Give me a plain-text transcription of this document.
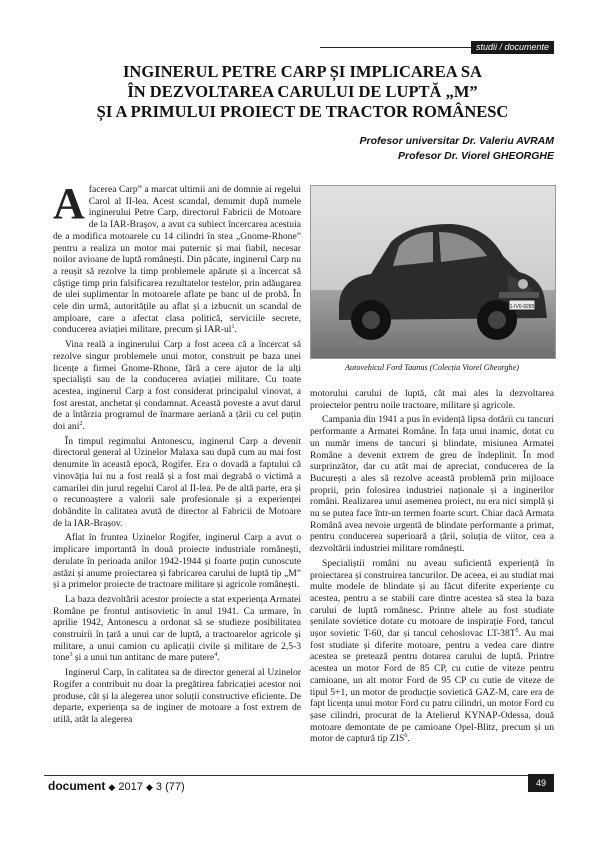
studii / documente
INGINERUL PETRE CARP ȘI IMPLICAREA SA
ÎN DEZVOLTAREA CARULUI DE LUPTĂ „M”
ȘI A PRIMULUI PROIECT DE TRACTOR ROMÂNESC
Profesor universitar Dr. Valeriu AVRAM
Profesor Dr. Viorel GHEORGHE

Afacerea Carp” a marcat ultimii ani de domnie ai regelui Carol al II-lea. Acest scandal, denumit după numele inginerului Petre Carp, directorul Fabricii de Motoare de la IAR-Brașov, a avut ca subiect încercarea acestuia de a modifica motoarele cu 14 cilindri în stea „Gnome-Rhone” pentru a realiza un motor mai puternic și mai fiabil, necesar noilor avioane de luptă românești. Din păcate, inginerul Carp nu a reușit să rezolve la timp problemele apărute și a încercat să câștige timp prin falsificarea rezultatelor testelor, prin adăugarea de ulei suplimentar în motoarele aflate pe banc ul de probă. În cele din urmă, autoritățile au aflat și a izbucnit un scandal de amploare, care a afectat clasa politică, serviciile secrete, conducerea aviației militare, precum și IAR-$ul^1$.

Vina reală a inginerului Carp a fost aceea că a încercat să rezolve singur problemele unui motor, construit pe baza unei licențe a firmei Gnome-Rhone, fără a cere ajutor de la alți specialiști sau de la conducerea aviației militare. Cu toate acestea, inginerul Carp a fost considerat principalul vinovat, a fost arestat, anchetat și condamnat. Această poveste a avut darul de a întârzia programul de înarmare aeriană a țării cu cel puțin doi ani$^2$.

În timpul regimului Antonescu, inginerul Carp a devenit directorul general al Uzinelor Malaxa sau după cum au mai fost denumite în această epocă, Rogifer. Era o dovadă a faptului că vinovăția lui nu a fost reală și a fost mai degrabă o victimă a camarilei din jurul regelui Carol al II-lea. Pe de altă parte, era și o recunoaștere a valorii sale profesionale și a experienței dobândite în calitatea avută de director al Fabricii de Motoare de la IAR-Brașov.

Aflat în fruntea Uzinelor Rogifer, inginerul Carp a avut o implicare importantă în două proiecte industriale românești, derulate în perioada anilor 1942-1944 și foarte puțin cunoscute astăzi și anume proiectarea și fabricarea carului de luptă tip „M” și a primelor proiecte de tractoare militare și agricole românești.

La baza dezvoltării acestor proiecte a stat experiența Armatei Române pe frontul antisovietic în anul 1941. Ca urmare, în aprilie 1942, Antonescu a ordonat să se studieze posibilitatea construirii în țară a unui car de luptă, a tractoarelor agricole și militare, a unui camion cu aplicații civile și militare de 2,5-3 tone$^3$ și a unui tun antitanc de mare putere$^4$.

Inginerul Carp, în calitatea sa de director general al Uzinelor Rogifer a contribuit nu doar la pregătirea fabricației acestor noi produse, cât și la alegerea unor soluții constructive eficiente. De departe, experiența sa de inginer de motoare a fost extrem de utilă, atât la alegerea

1-IV0-9285
Autovehicul Ford Taunus (Colecția Viorel Gheorghe)

motorului carului de luptă, cât mai ales la dezvoltarea proiectelor pentru noile tractoare, militare și agricole.

Campania din 1941 a pus în evidență lipsa dotării cu tancuri performante a Armatei Române. În fața unui inamic, dotat cu un număr imens de tancuri și blindate, misiunea Armatei Române a devenit extrem de greu de îndeplinit. În mod surprinzător, dar cu atât mai de apreciat, conducerea de la București a ales să rezolve această problemă prin mijloace proprii, prin folosirea industriei naționale și a inginerilor români. Realizarea unui asemenea proiect, nu era nici simplă și nu se putea face într-un termen foarte scurt. Chiar dacă Armata Română avea nevoie urgentă de blindate performante a primat, pentru conducerea superioară a țării, soluția de viitor, cea a dezvoltării industriei militare românești.

Specialiștii români nu aveau suficientă experiență în proiectarea și construirea tancurilor. De aceea, ei au studiat mai multe modele de blindate și au făcut diferite experiențe cu acestea, pentru a se stabili care dintre acestea să stea la baza carului de luptă românesc. Printre altele au fost studiate șenilate sovietice dotate cu motoare de inspirație Ford, tancul ușor sovietic T-60, dar și tancul cehoslovac $LT-38T^5$. Au mai fost studiate și diferite motoare, pentru a vedea care dintre acestea se pretează pentru dotarea carului de luptă. Printre acestea un motor Ford de 85 CP, cu cutie de viteze pentru camioane, un alt motor Ford de 95 CP cu cutie de viteze de tipul 5+1, un motor de producție sovietică GAZ-M, care era de fapt licența unui motor Ford cu patru cilindri, un motor Ford cu șase cilindri, procurat de la Atelierul KYNAP-Odessa, două motoare demontate de pe camioane Opel-Blitz, precum și un motor de captură tip ZIS$^6$.

document ◆ 2017 ◆ 3 (77)	49
